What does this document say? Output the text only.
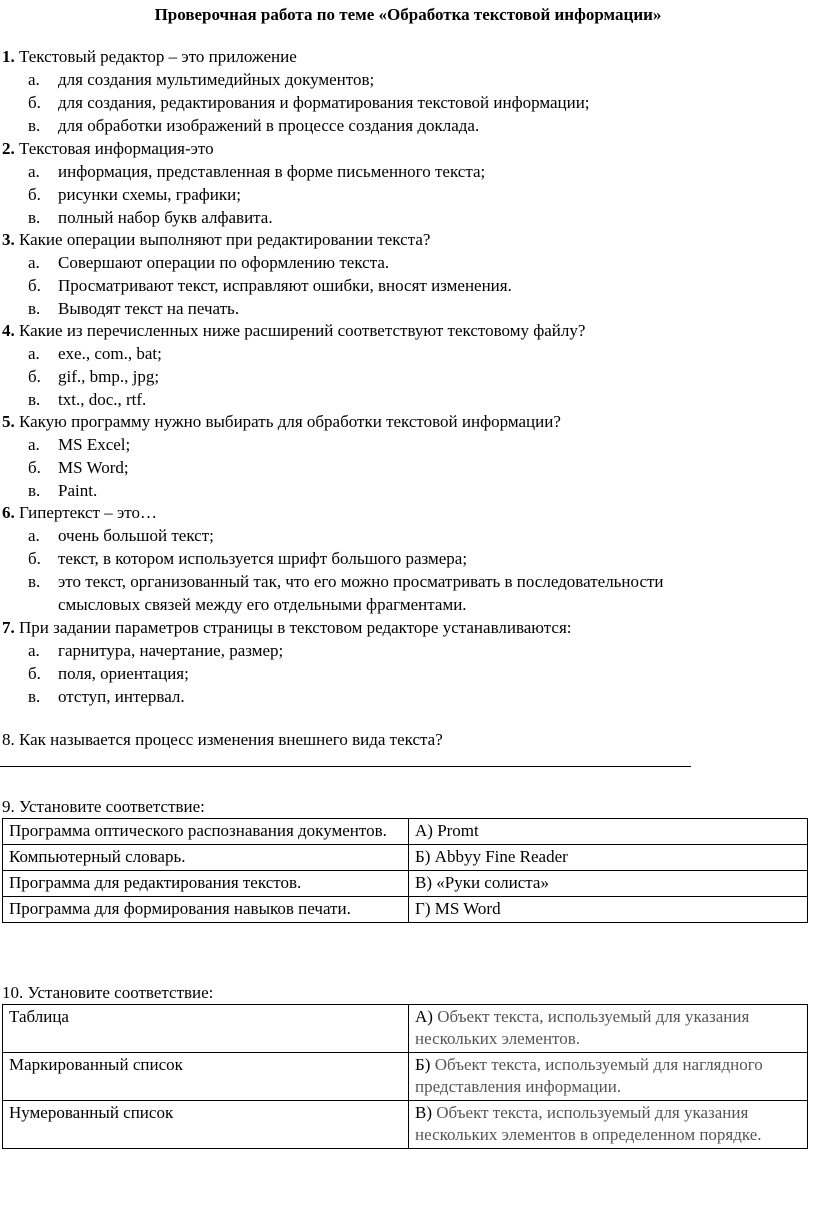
Проверочная работа по теме «Обработка текстовой информации»
1. Текстовый редактор – это приложение
а. для создания мультимедийных документов;
б. для создания, редактирования и форматирования текстовой информации;
в. для обработки изображений в процессе создания доклада.
2. Текстовая информация-это
а. информация, представленная в форме письменного текста;
б. рисунки схемы, графики;
в. полный набор букв алфавита.
3. Какие операции выполняют при редактировании текста?
а. Совершают операции по оформлению текста.
б. Просматривают текст, исправляют ошибки, вносят изменения.
в. Выводят текст на печать.
4. Какие из перечисленных ниже расширений соответствуют текстовому файлу?
а. exe., com., bat;
б. gif., bmp., jpg;
в. txt., doc., rtf.
5. Какую программу нужно выбирать для обработки текстовой информации?
а. MS Excel;
б. MS Word;
в. Paint.
6. Гипертекст – это…
а. очень большой текст;
б. текст, в котором используется шрифт большого размера;
в. это текст, организованный так, что его можно просматривать в последовательности
смысловых связей между его отдельными фрагментами.
7. При задании параметров страницы в текстовом редакторе устанавливаются:
а. гарнитура, начертание, размер;
б. поля, ориентация;
в. отступ, интервал.
8. Как называется процесс изменения внешнего вида текста?
9. Установите соответствие:
Программа оптического распознавания документов.	А) Promt
Компьютерный словарь.	Б) Abbyy Fine Reader
Программа для редактирования текстов.	В) «Руки солиста»
Программа для формирования навыков печати.	Г) MS Word
10. Установите соответствие:
Таблица	А) Объект текста, используемый для указания нескольких элементов.
Маркированный список	Б) Объект текста, используемый для наглядного представления информации.
Нумерованный список	В) Объект текста, используемый для указания нескольких элементов в определенном порядке.
